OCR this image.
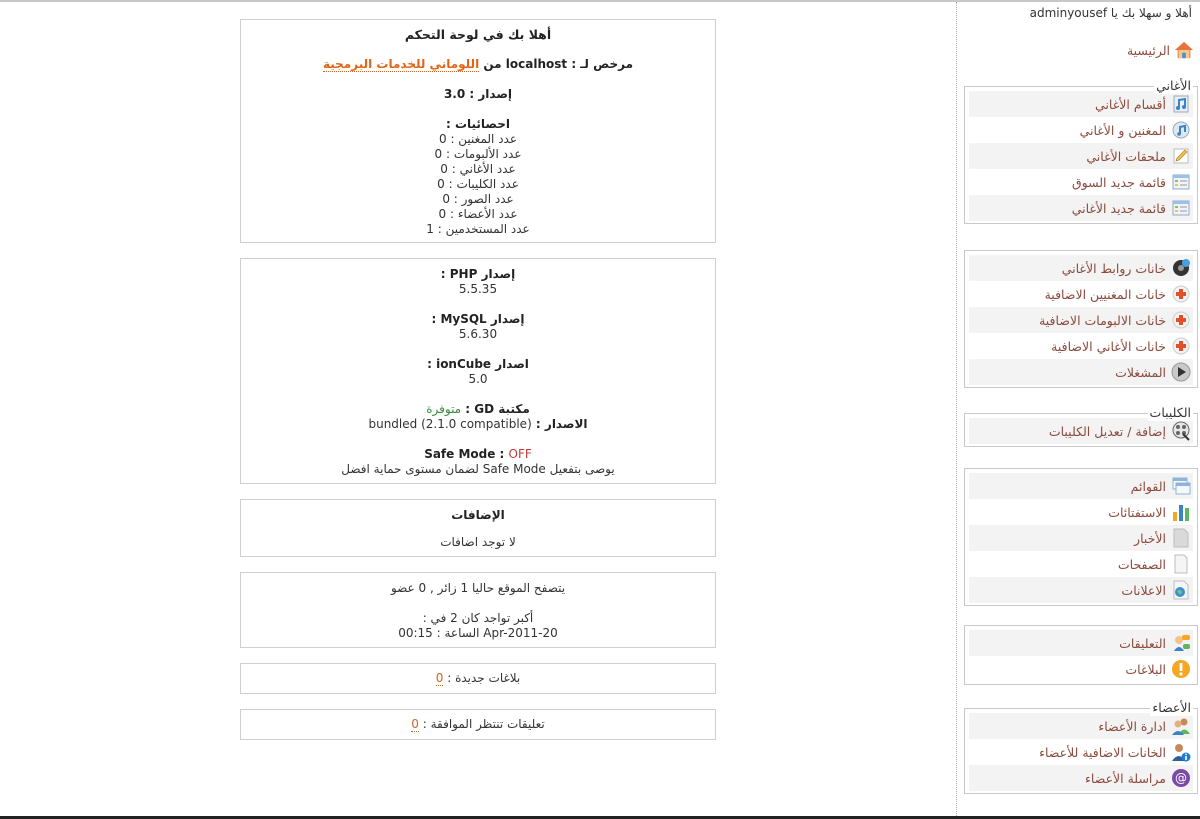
أهلا بك في لوحة التحكم
مرخص لـ : localhost من اللوماني للخدمات البرمجية
إصدار : 3.0
احصائيات :
عدد المغنين : 0
عدد الألبومات : 0
عدد الأغاني : 0
عدد الكليبات : 0
عدد الصور : 0
عدد الأعضاء : 0
عدد المستخدمين : 1
إصدار PHP :
5.5.35
إصدار MySQL :
5.6.30
اصدار ionCube :
5.0
مكتبة GD : متوفرة
الاصدار : bundled (2.1.0 compatible)
Safe Mode : OFF
يوصى بتفعيل Safe Mode لضمان مستوى حماية افضل
الإضافات
لا توجد اضافات
يتصفح الموقع حاليا 1 زائر , 0 عضو
أكبر تواجد كان 2 في :
20-Apr-2011 الساعة : 00:15
بلاغات جديدة : 0
تعليقات تنتظر الموافقة : 0
أهلا و سهلا بك يا adminyousef
الرئيسية
الأغاني
أقسام الأغاني
المغنين و الأغاني
ملحقات الأغاني
قائمة جديد السوق
قائمة جديد الأغاني
خانات روابط الأغاني
خانات المغنيين الاضافية
خانات الالبومات الاضافية
خانات الأغاني الاضافية
المشغلات
الكليبات
إضافة / تعديل الكليبات
القوائم
الاستفتائات
الأخبار
الصفحات
الاعلانات
التعليقات
البلاغات
الأعضاء
ادارة الأعضاء
الخانات الاضافية للأعضاء
@
مراسلة الأعضاء
